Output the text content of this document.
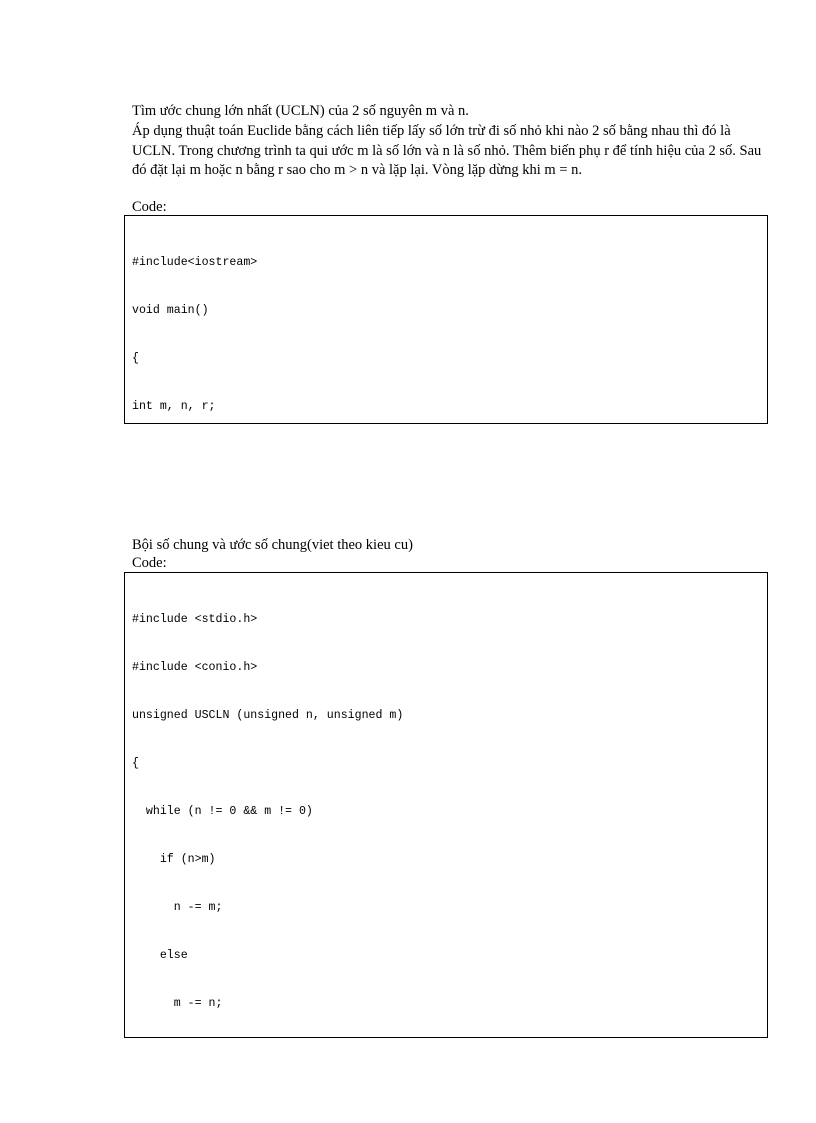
Tìm ước chung lớn nhất (UCLN) của 2 số nguyên m và n.

Áp dụng thuật toán Euclide bằng cách liên tiếp lấy số lớn trừ đi số nhỏ khi nào 2 số bằng nhau thì đó là UCLN. Trong chương trình ta qui ước m là số lớn và n là số nhỏ. Thêm biến phụ r để tính hiệu của 2 số. Sau đó đặt lại m hoặc n bằng r sao cho m > n và lặp lại. Vòng lặp dừng khi m = n.

Code:

#include<iostream>

void main()

{

int m, n, r;

Bội số chung và ước số chung(viet theo kieu cu)
Code:

#include <stdio.h>

#include <conio.h>

unsigned USCLN (unsigned n, unsigned m)

{

while (n != 0 && m != 0)

if (n>m)

n -= m;

else

m -= n;
